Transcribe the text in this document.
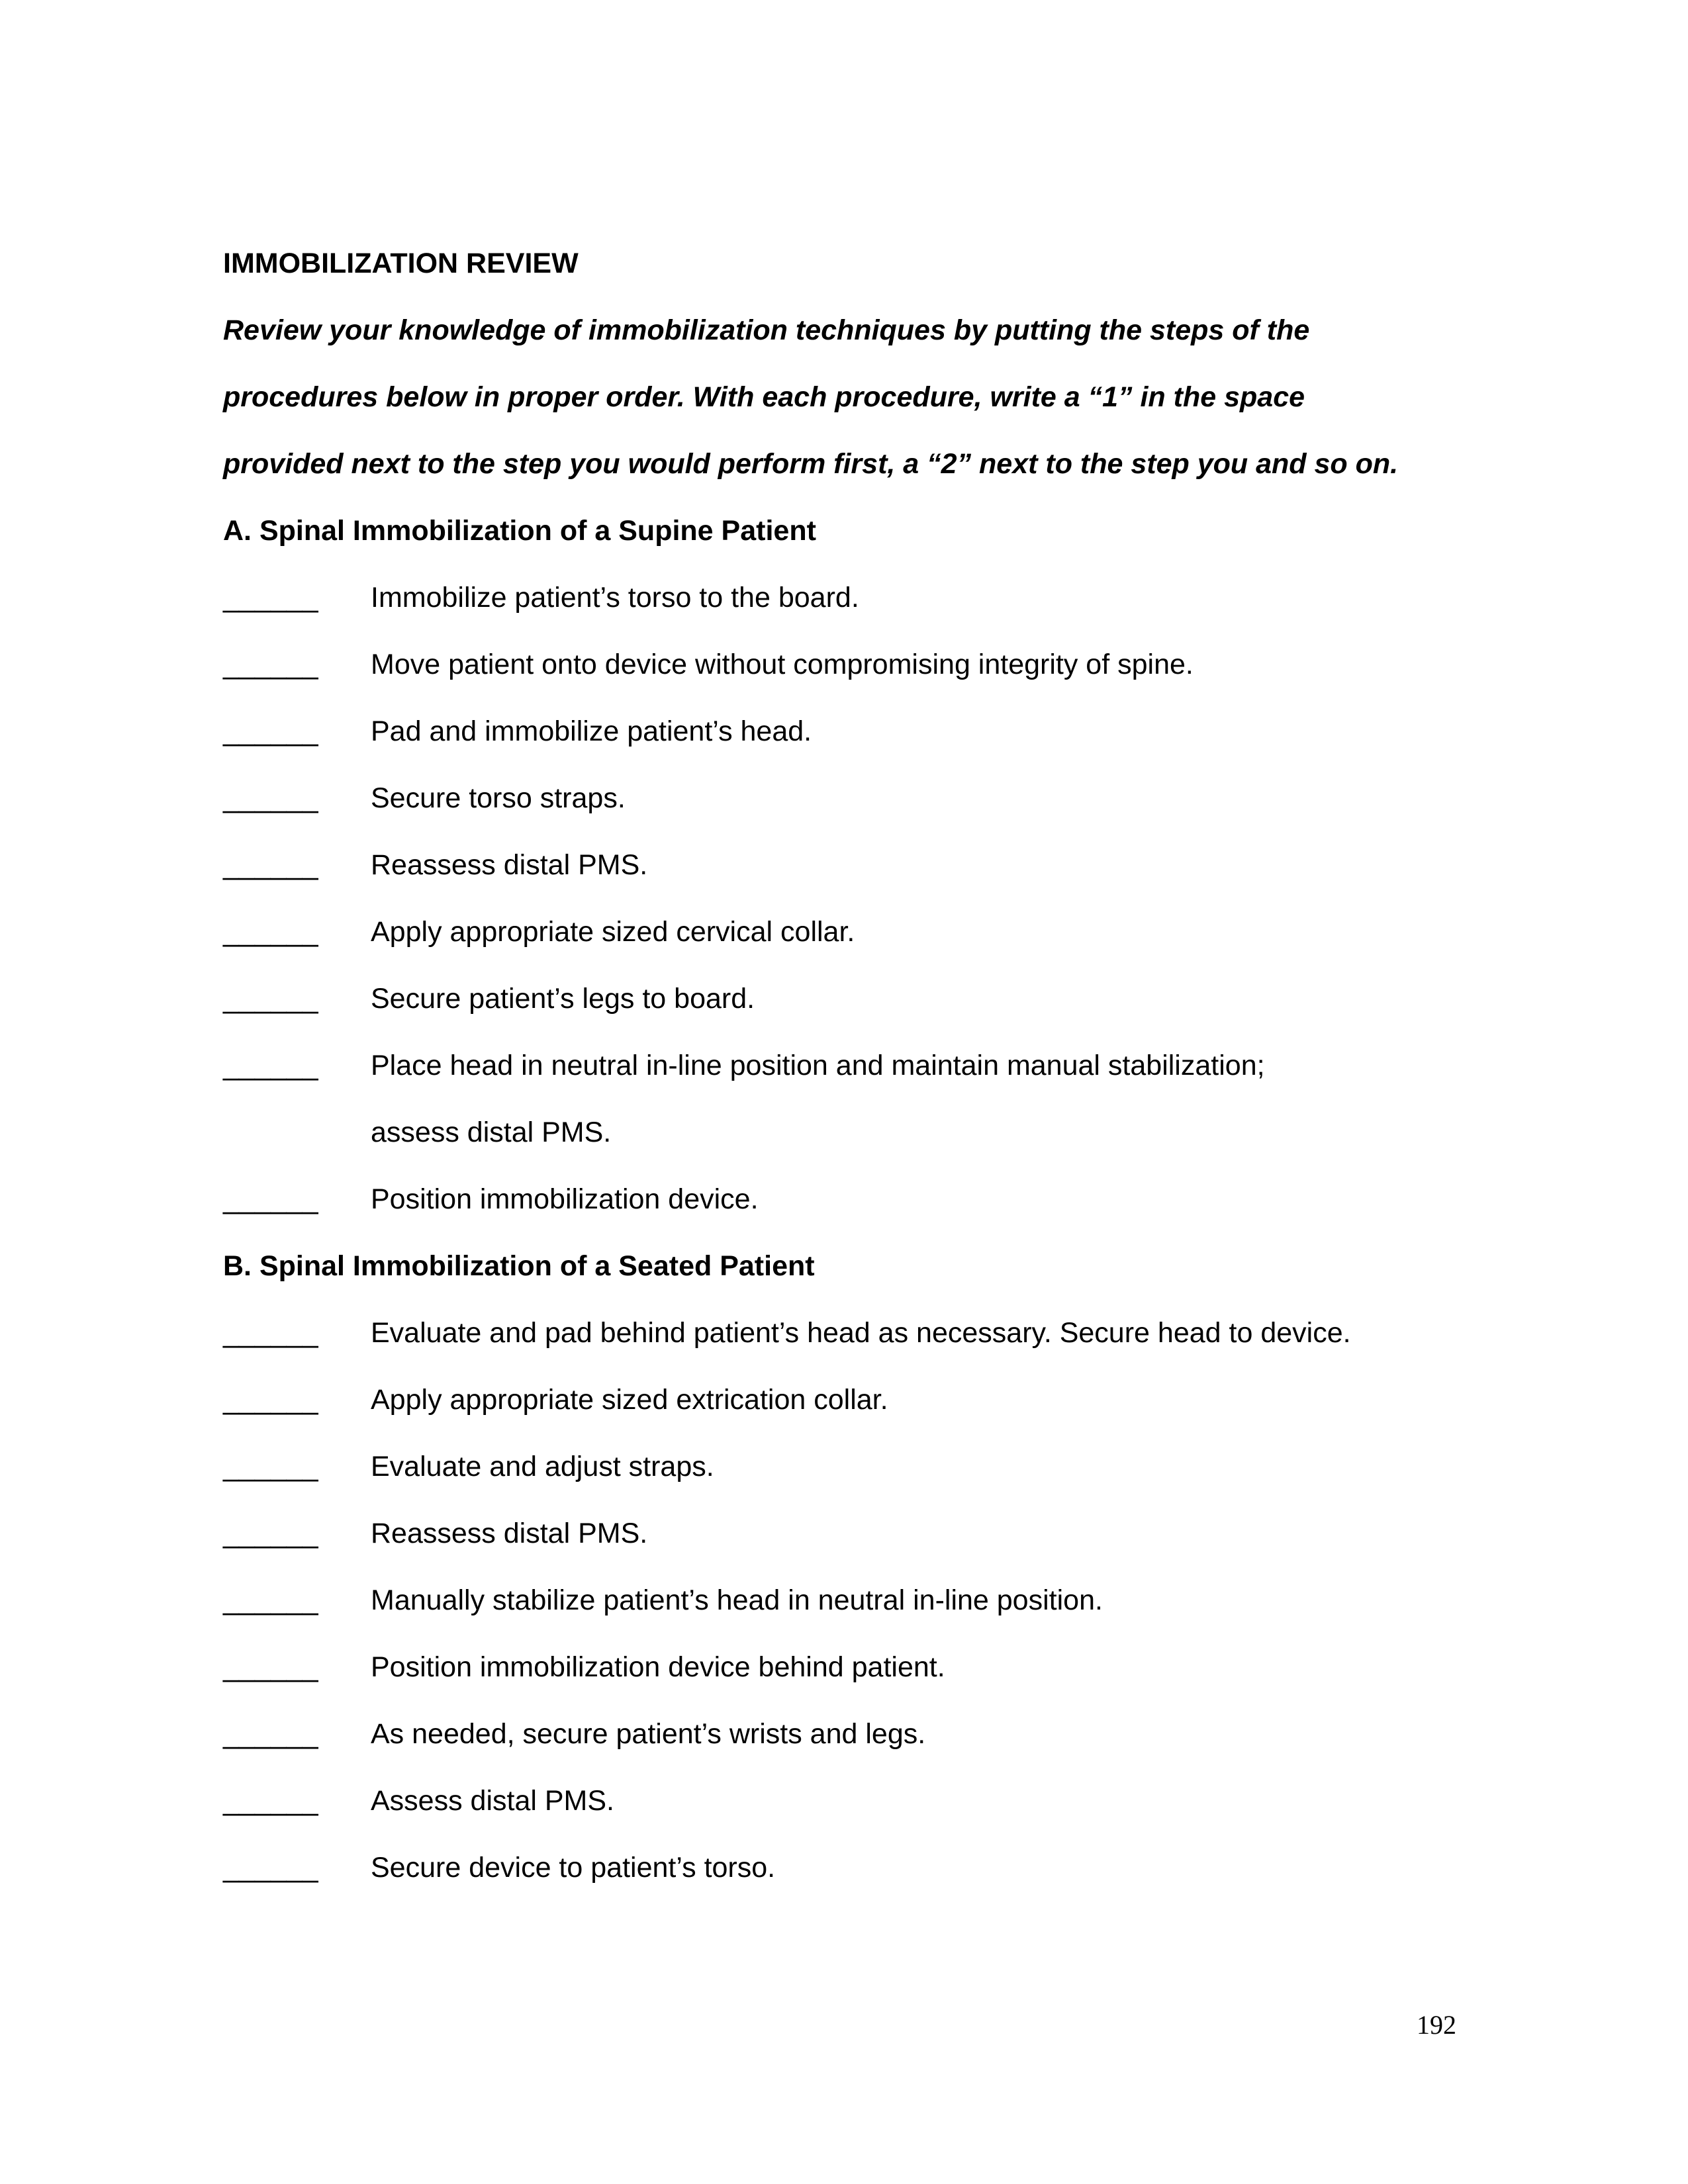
IMMOBILIZATION REVIEW
Review your knowledge of immobilization techniques by putting the steps of the
procedures below in proper order. With each procedure, write a “1” in the space
provided next to the step you would perform first, a “2” next to the step you and so on.
A. Spinal Immobilization of a Supine Patient
______ Immobilize patient’s torso to the board.
______ Move patient onto device without compromising integrity of spine.
______ Pad and immobilize patient’s head.
______ Secure torso straps.
______ Reassess distal PMS.
______ Apply appropriate sized cervical collar.
______ Secure patient’s legs to board.
______ Place head in neutral in-line position and maintain manual stabilization;
assess distal PMS.
______ Position immobilization device.
B. Spinal Immobilization of a Seated Patient
______ Evaluate and pad behind patient’s head as necessary. Secure head to device.
______ Apply appropriate sized extrication collar.
______ Evaluate and adjust straps.
______ Reassess distal PMS.
______ Manually stabilize patient’s head in neutral in-line position.
______ Position immobilization device behind patient.
______ As needed, secure patient’s wrists and legs.
______ Assess distal PMS.
______ Secure device to patient’s torso.
192
